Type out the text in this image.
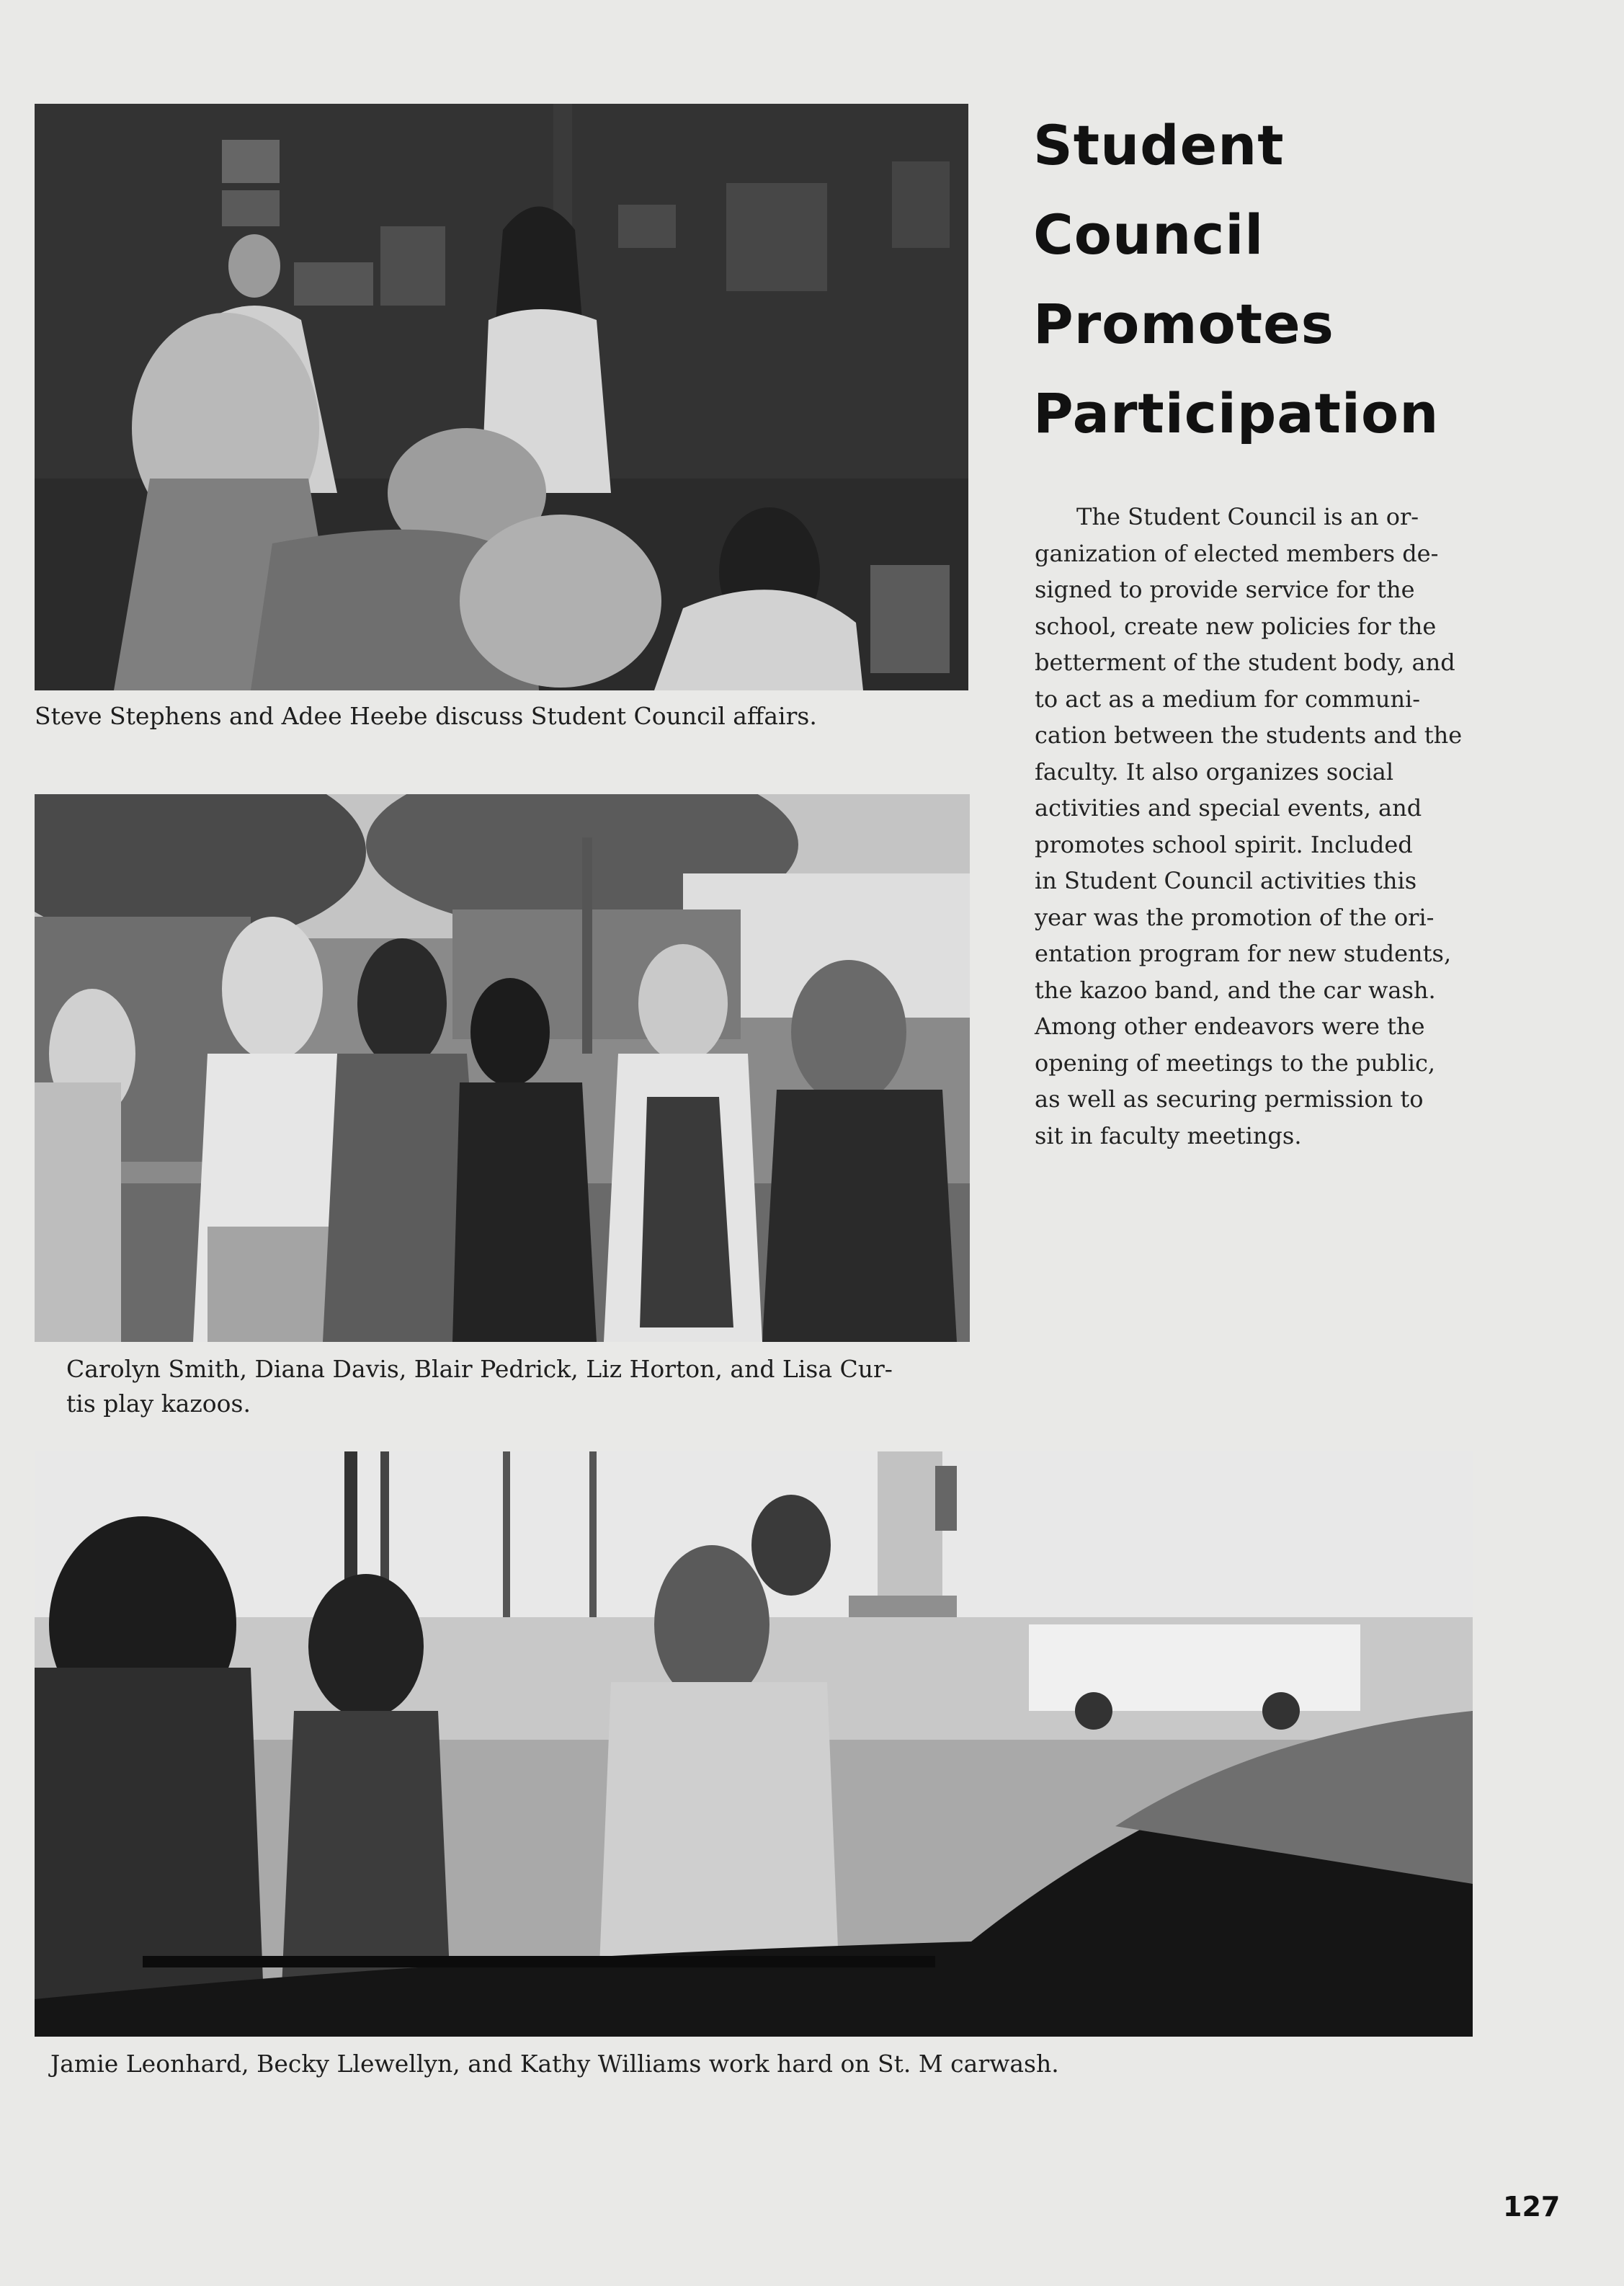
Steve Stephens and Adee Heebe discuss Student Council affairs.

Carolyn Smith, Diana Davis, Blair Pedrick, Liz Horton, and Lisa Cur-
tis play kazoos.

Jamie Leonhard, Becky Llewellyn, and Kathy Williams work hard on St. M carwash.

Student
Council
Promotes
Participation
The Student Council is an or-
ganization of elected members de-
signed to provide service for the
school, create new policies for the
betterment of the student body, and
to act as a medium for communi-
cation between the students and the
faculty. It also organizes social
activities and special events, and
promotes school spirit. Included
in Student Council activities this
year was the promotion of the ori-
entation program for new students,
the kazoo band, and the car wash.
Among other endeavors were the
opening of meetings to the public,
as well as securing permission to
sit in faculty meetings.
127
